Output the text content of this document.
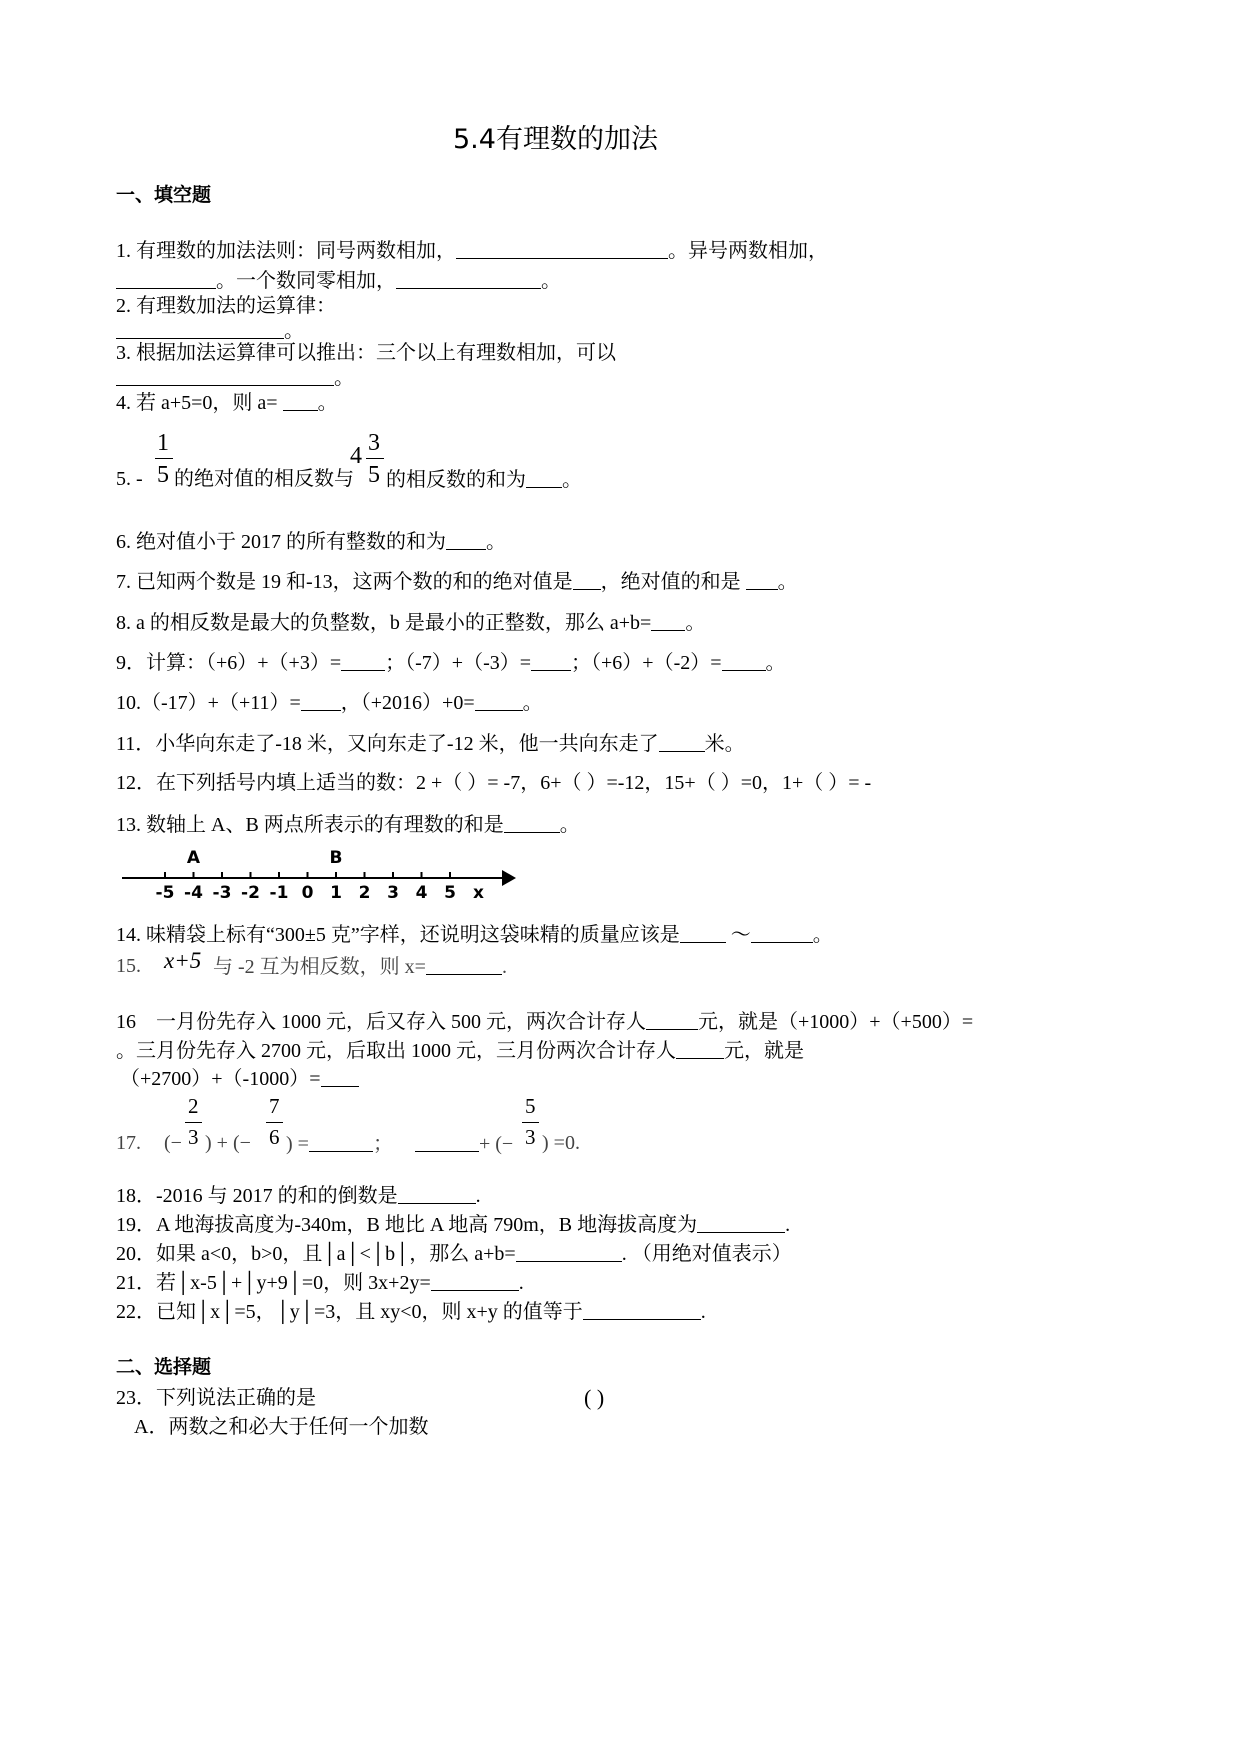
5.4有理数的加法
一、填空题
1. 有理数的加法法则：同号两数相加，	。异号两数相加，
。一个数同零相加，	。
2. 有理数加法的运算律：
。
3. 根据加法运算律可以推出：三个以上有理数相加，可以
。
4. 若 a+5=0，则 a= 。
1
5
4 3
5
5. - 的绝对值的相反数与 的相反数的和为 。
6. 绝对值小于 2017 的所有整数的和为 。
7. 已知两个数是 19 和-13，这两个数的和的绝对值是 ，绝对值的和是 。
8. a 的相反数是最大的负整数，b 是最小的正整数，那么 a+b= 。
9．计算：（+6）+（+3）= ；（-7）+（-3）= ；（+6）+（-2）= 。
10.（-17）+（+11）= ，（+2016）+0= 。
11．小华向东走了-18 米，又向东走了-12 米，他一共向东走了 米。
12．在下列括号内填上适当的数：2 +（ ）= -7，6+（ ）=-12，15+（ ）=0，1+（ ）= -
13. 数轴上 A、B 两点所表示的有理数的和是	。
-5 -4 -3 -2 -1 0 1 2 3 4 5 x
A	B
14. 味精袋上标有“300±5 克”字样，还说明这袋味精的质量应该是 ～	。
15. x+5 与 -2 互为相反数，则 x=	.
16　一月份先存入 1000 元，后又存入 500 元，两次合计存人	元，就是（+1000）+（+500）=
。三月份先存入 2700 元，后取出 1000 元，三月份两次合计存人 元，就是
（+2700）+（-1000）=
2
3
7
6
5
3
17. (− ) + (− ) =	；	+ (− ) =0.
18．-2016 与 2017 的和的倒数是	.
19．A 地海拔高度为-340m，B 地比 A 地高 790m，B 地海拔高度为	.
20．如果 a<0，b>0，且│a│<│b│，那么 a+b=	. （用绝对值表示）
21．若│x-5│+│y+9│=0，则 3x+2y=	.
22．已知│x│=5，│y│=3，且 xy<0，则 x+y 的值等于	.
二、选择题
23．下列说法正确的是	( )
A．两数之和必大于任何一个加数
